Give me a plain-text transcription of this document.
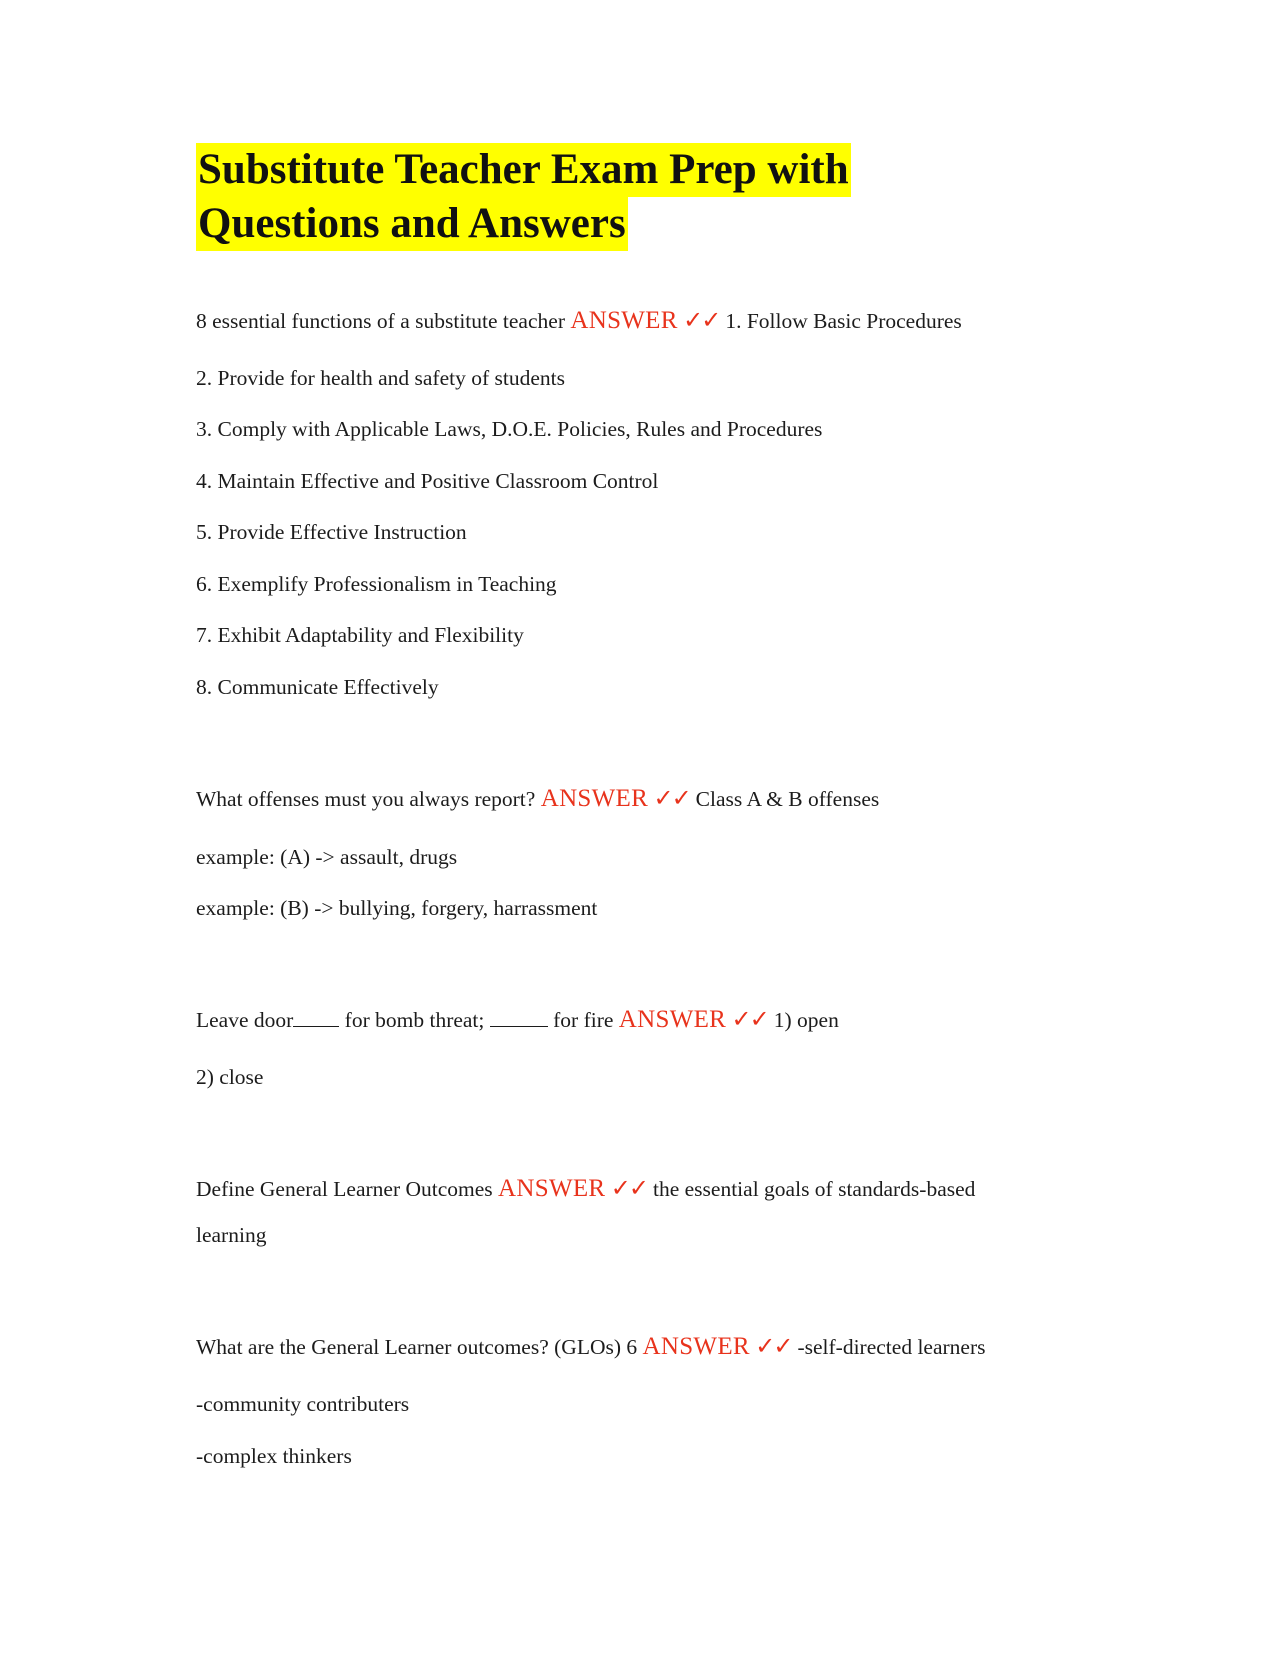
Substitute Teacher Exam Prep with
Questions and Answers
8 essential functions of a substitute teacher ANSWER ✓✓ 1. Follow Basic Procedures
2. Provide for health and safety of students
3. Comply with Applicable Laws, D.O.E. Policies, Rules and Procedures
4. Maintain Effective and Positive Classroom Control
5. Provide Effective Instruction
6. Exemplify Professionalism in Teaching
7. Exhibit Adaptability and Flexibility
8. Communicate Effectively
What offenses must you always report? ANSWER ✓✓ Class A & B offenses
example: (A) -> assault, drugs
example: (B) -> bullying, forgery, harrassment
Leave door for bomb threat;	for fire ANSWER ✓✓ 1) open
2) close
Define General Learner Outcomes ANSWER ✓✓ the essential goals of standards-based
learning
What are the General Learner outcomes? (GLOs) 6 ANSWER ✓✓ -self-directed learners
-community contributers
-complex thinkers
